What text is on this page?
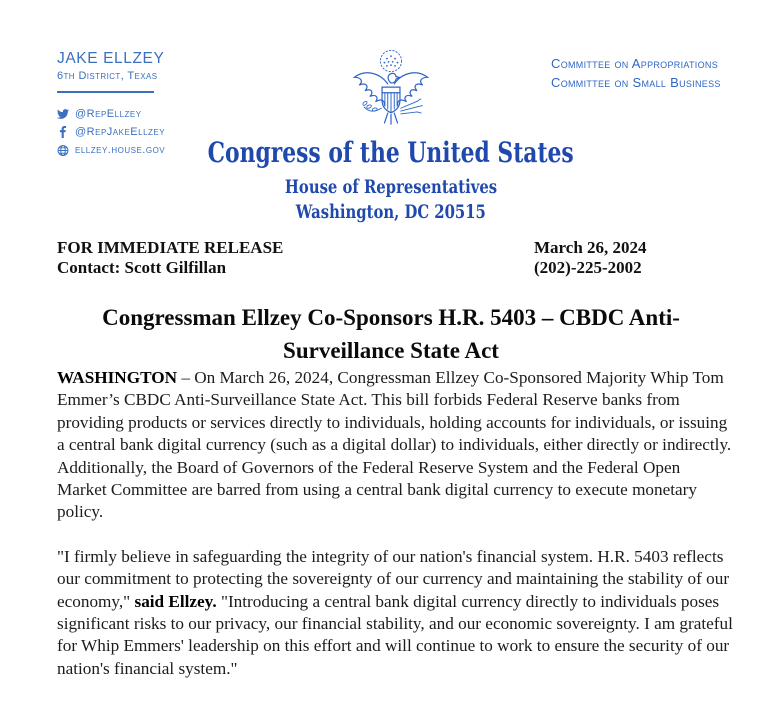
JAKE ELLZEY
6th District, Texas
@RepEllzey
@RepJakeEllzey
ellzey.house.gov
Committee on Appropriations
Committee on Small Business
Congress of the United States
House of Representatives
Washington, DC 20515
FOR IMMEDIATE RELEASE
Contact: Scott Gilfillan
March 26, 2024
(202)-225-2002
Congressman Ellzey Co-Sponsors H.R. 5403 – CBDC Anti-
Surveillance State Act

WASHINGTON – On March 26, 2024, Congressman Ellzey Co-Sponsored Majority Whip Tom Emmer’s CBDC Anti-Surveillance State Act. This bill forbids Federal Reserve banks from providing products or services directly to individuals, holding accounts for individuals, or issuing a central bank digital currency (such as a digital dollar) to individuals, either directly or indirectly. Additionally, the Board of Governors of the Federal Reserve System and the Federal Open Market Committee are barred from using a central bank digital currency to execute monetary policy.

"I firmly believe in safeguarding the integrity of our nation's financial system. H.R. 5403 reflects our commitment to protecting the sovereignty of our currency and maintaining the stability of our economy," said Ellzey. "Introducing a central bank digital currency directly to individuals poses significant risks to our privacy, our financial stability, and our economic sovereignty. I am grateful for Whip Emmers' leadership on this effort and will continue to work to ensure the security of our nation's financial system."
